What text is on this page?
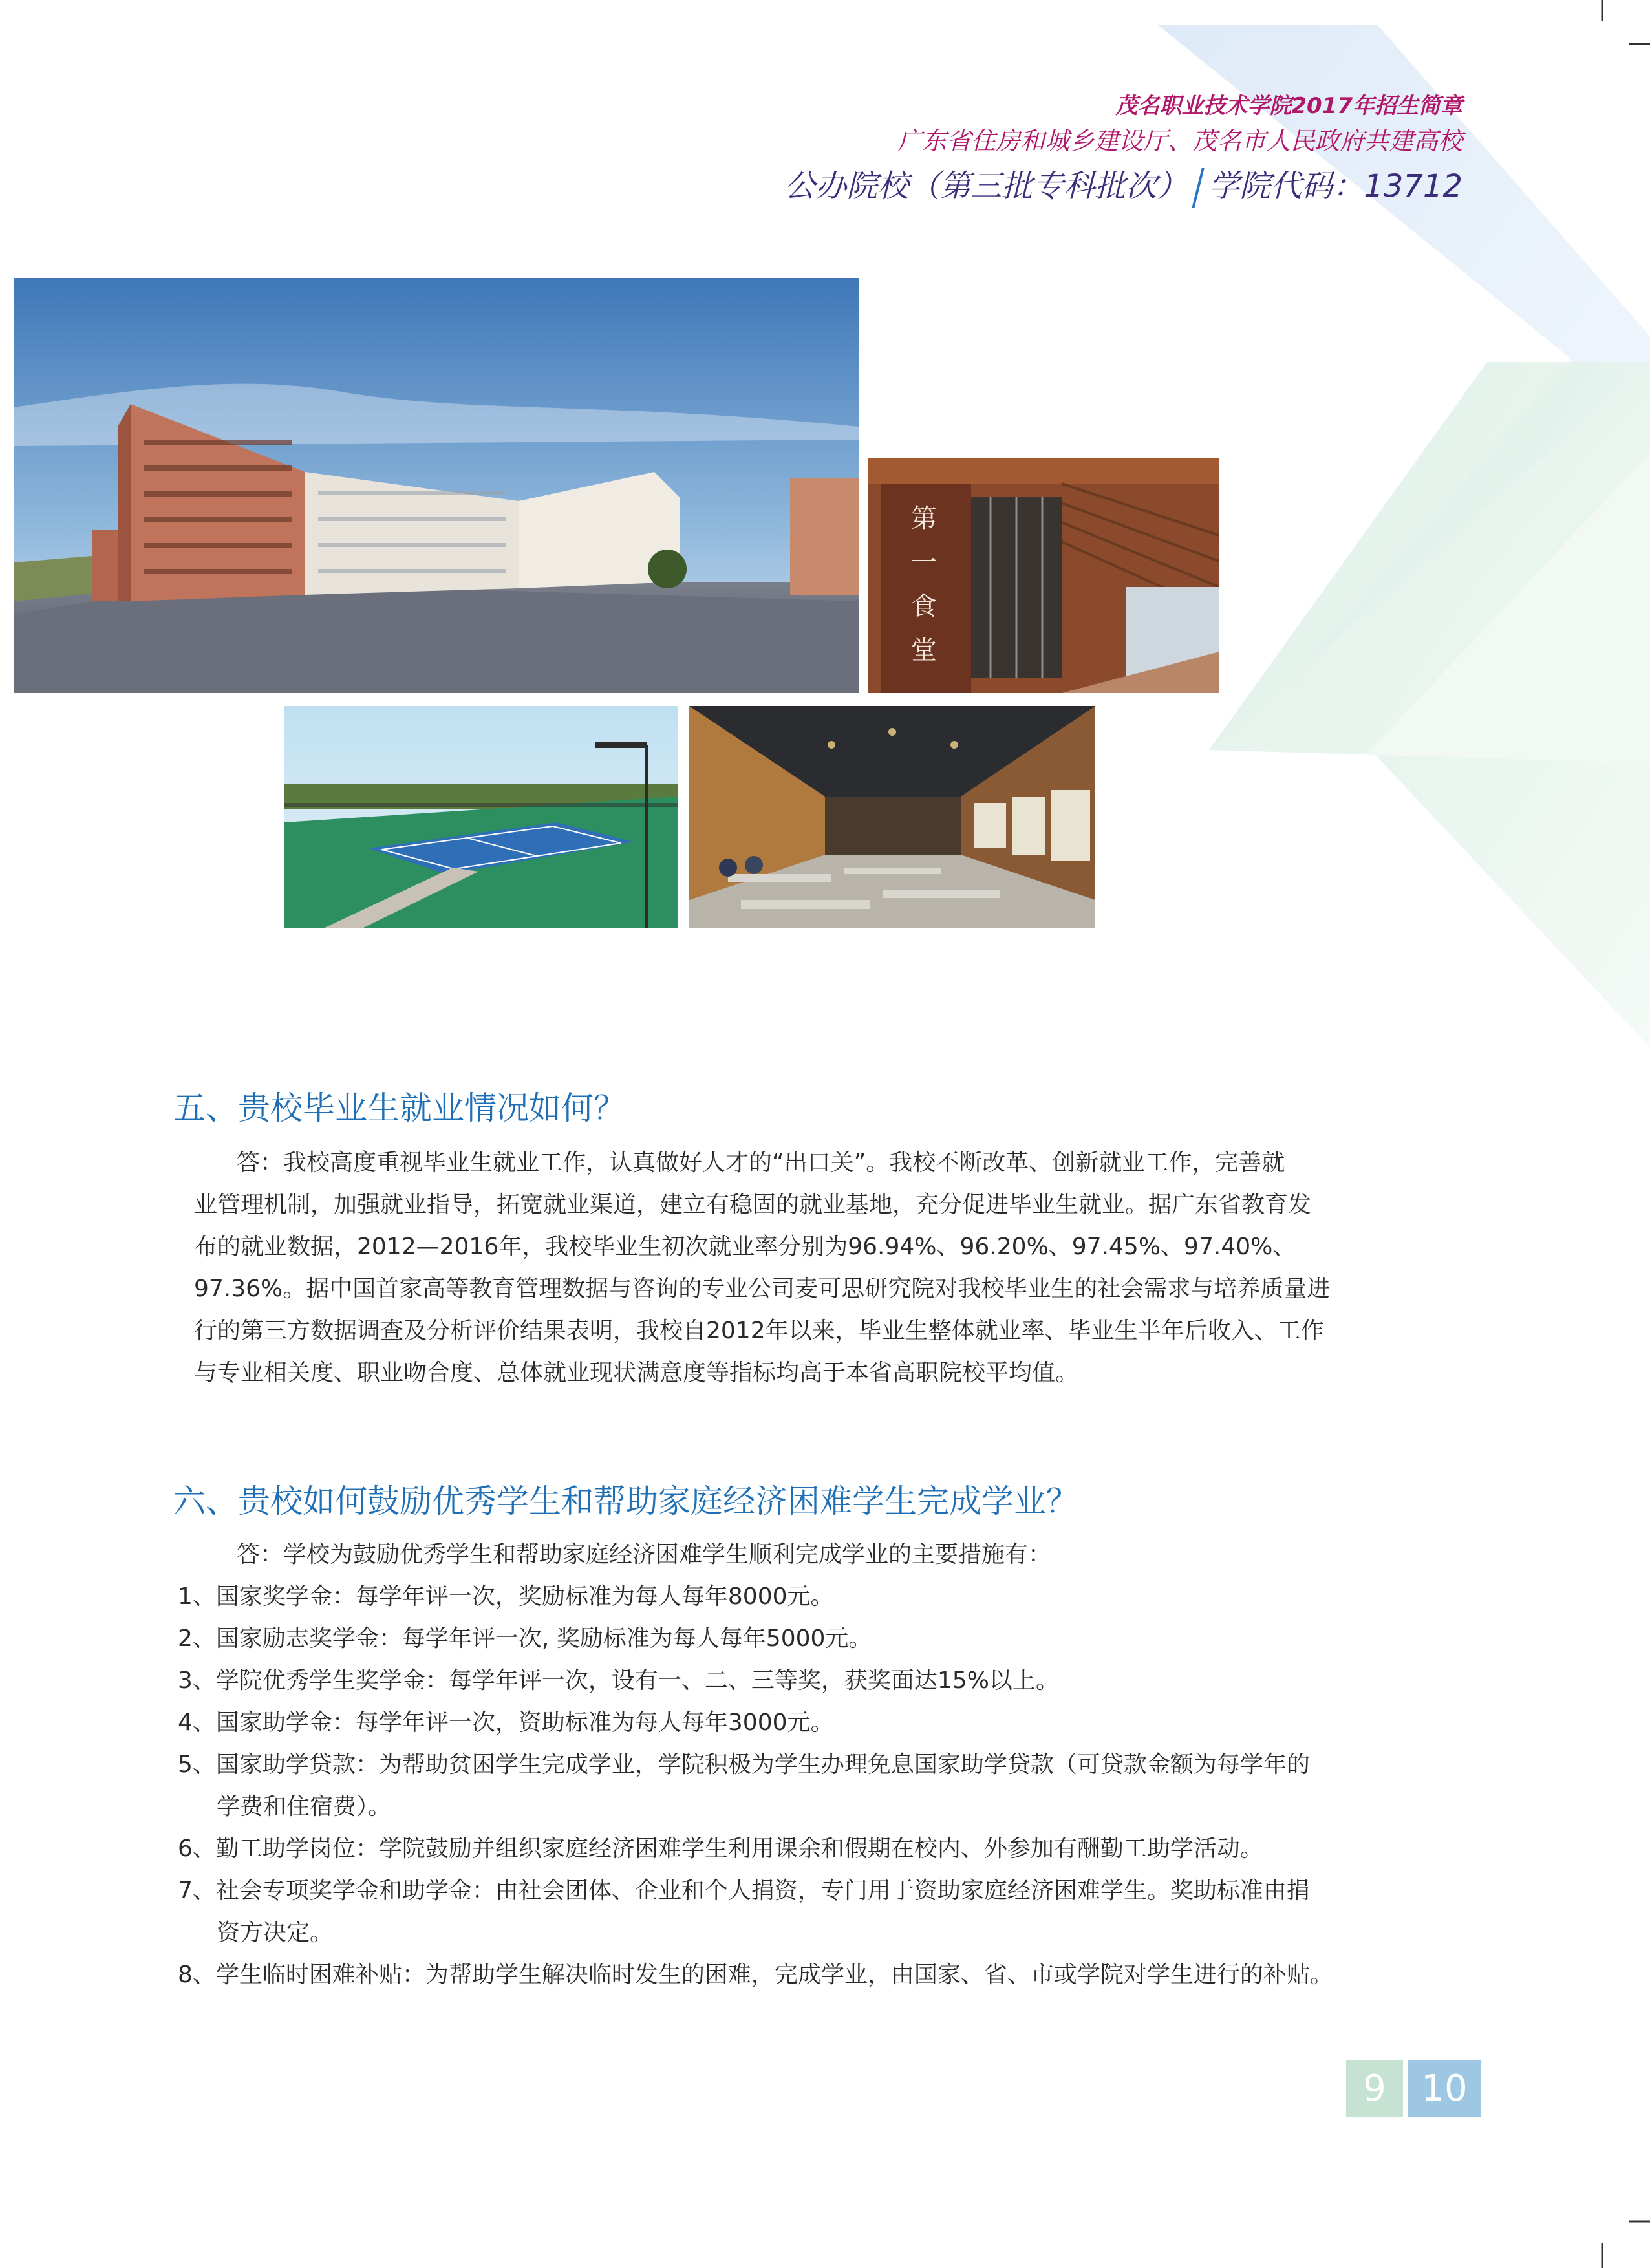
茂名职业技术学院2017年招生简章
广东省住房和城乡建设厅、茂名市人民政府共建高校
公办院校（第三批专科批次） 学院代码：13712
第
一
食
堂
五、贵校毕业生就业情况如何？
答：我校高度重视毕业生就业工作，认真做好人才的“出口关”。我校不断改革、创新就业工作，完善就
业管理机制，加强就业指导，拓宽就业渠道，建立有稳固的就业基地，充分促进毕业生就业。据广东省教育发
布的就业数据，2012—2016年，我校毕业生初次就业率分别为96.94%、96.20%、97.45%、97.40%、
97.36%。据中国首家高等教育管理数据与咨询的专业公司麦可思研究院对我校毕业生的社会需求与培养质量进
行的第三方数据调查及分析评价结果表明，我校自2012年以来，毕业生整体就业率、毕业生半年后收入、工作
与专业相关度、职业吻合度、总体就业现状满意度等指标均高于本省高职院校平均值。
六、贵校如何鼓励优秀学生和帮助家庭经济困难学生完成学业？
答：学校为鼓励优秀学生和帮助家庭经济困难学生顺利完成学业的主要措施有：
1、国家奖学金：每学年评一次，奖励标准为每人每年8000元。
2、国家励志奖学金：每学年评一次, 奖励标准为每人每年5000元。
3、学院优秀学生奖学金：每学年评一次，设有一、二、三等奖，获奖面达15%以上。
4、国家助学金：每学年评一次，资助标准为每人每年3000元。
5、国家助学贷款：为帮助贫困学生完成学业，学院积极为学生办理免息国家助学贷款（可贷款金额为每学年的
学费和住宿费）。
6、勤工助学岗位：学院鼓励并组织家庭经济困难学生利用课余和假期在校内、外参加有酬勤工助学活动。
7、社会专项奖学金和助学金：由社会团体、企业和个人捐资，专门用于资助家庭经济困难学生。奖助标准由捐
资方决定。
8、学生临时困难补贴：为帮助学生解决临时发生的困难，完成学业，由国家、省、市或学院对学生进行的补贴。
9 10
